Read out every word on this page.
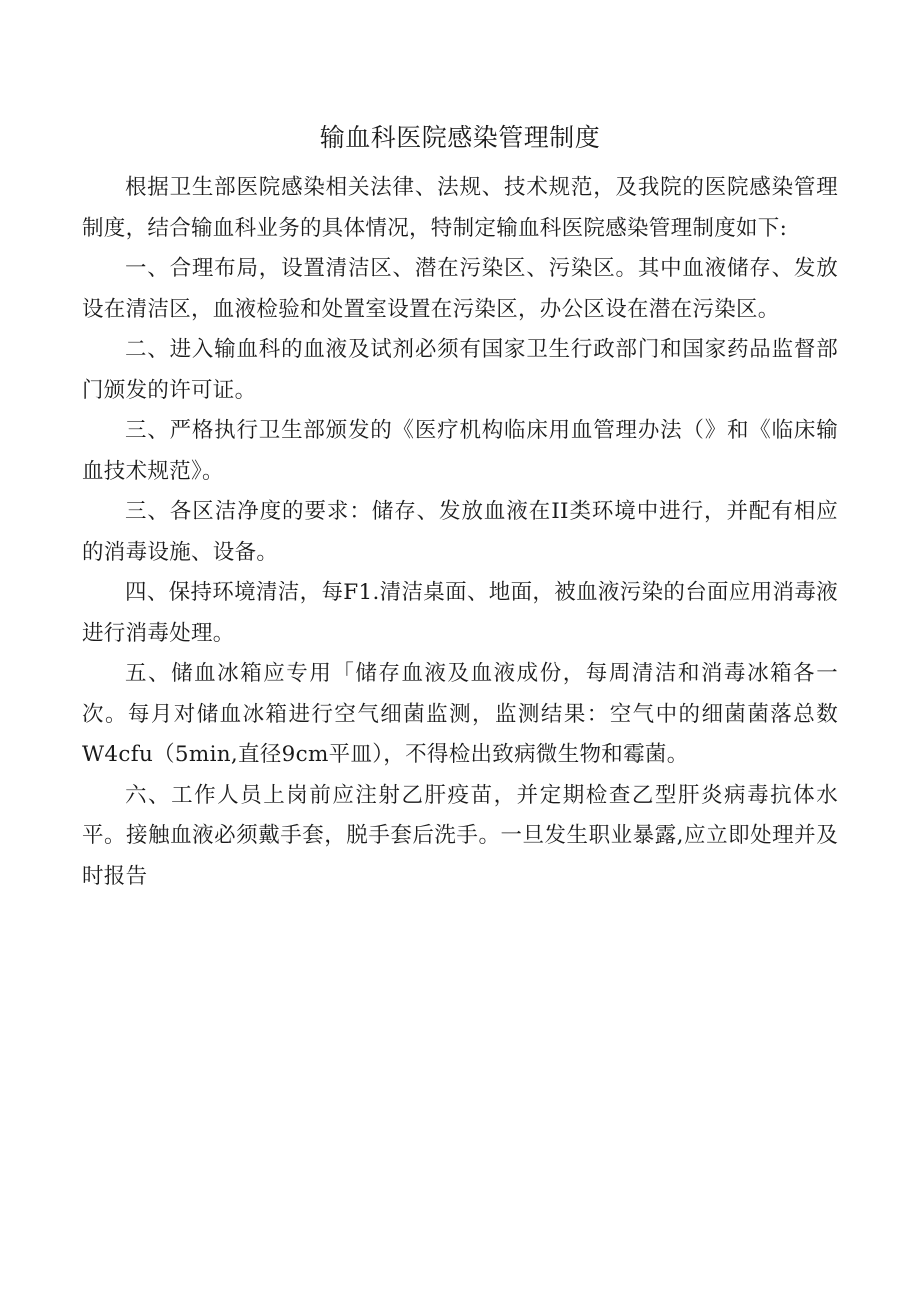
输血科医院感染管理制度

根据卫生部医院感染相关法律、法规、技术规范，及我院的医院感染管理制度，结合输血科业务的具体情况，特制定输血科医院感染管理制度如下:

一、合理布局，设置清洁区、潜在污染区、污染区。其中血液储存、发放设在清洁区，血液检验和处置室设置在污染区，办公区设在潜在污染区。

二、进入输血科的血液及试剂必须有国家卫生行政部门和国家药品监督部门颁发的许可证。

三、严格执行卫生部颁发的《医疗机构临床用血管理办法（》和《临床输血技术规范》。

三、各区洁净度的要求：储存、发放血液在II类环境中进行，并配有相应的消毒设施、设备。

四、保持环境清洁，每F1.清洁桌面、地面，被血液污染的台面应用消毒液进行消毒处理。

五、储血冰箱应专用「储存血液及血液成份，每周清洁和消毒冰箱各一次。每月对储血冰箱进行空气细菌监测，监测结果：空气中的细菌菌落总数W4cfu（5min,直径9cm平皿），不得检出致病微生物和霉菌。

六、工作人员上岗前应注射乙肝疫苗，并定期检查乙型肝炎病毒抗体水平。接触血液必须戴手套，脱手套后洗手。一旦发生职业暴露,应立即处理并及时报告
